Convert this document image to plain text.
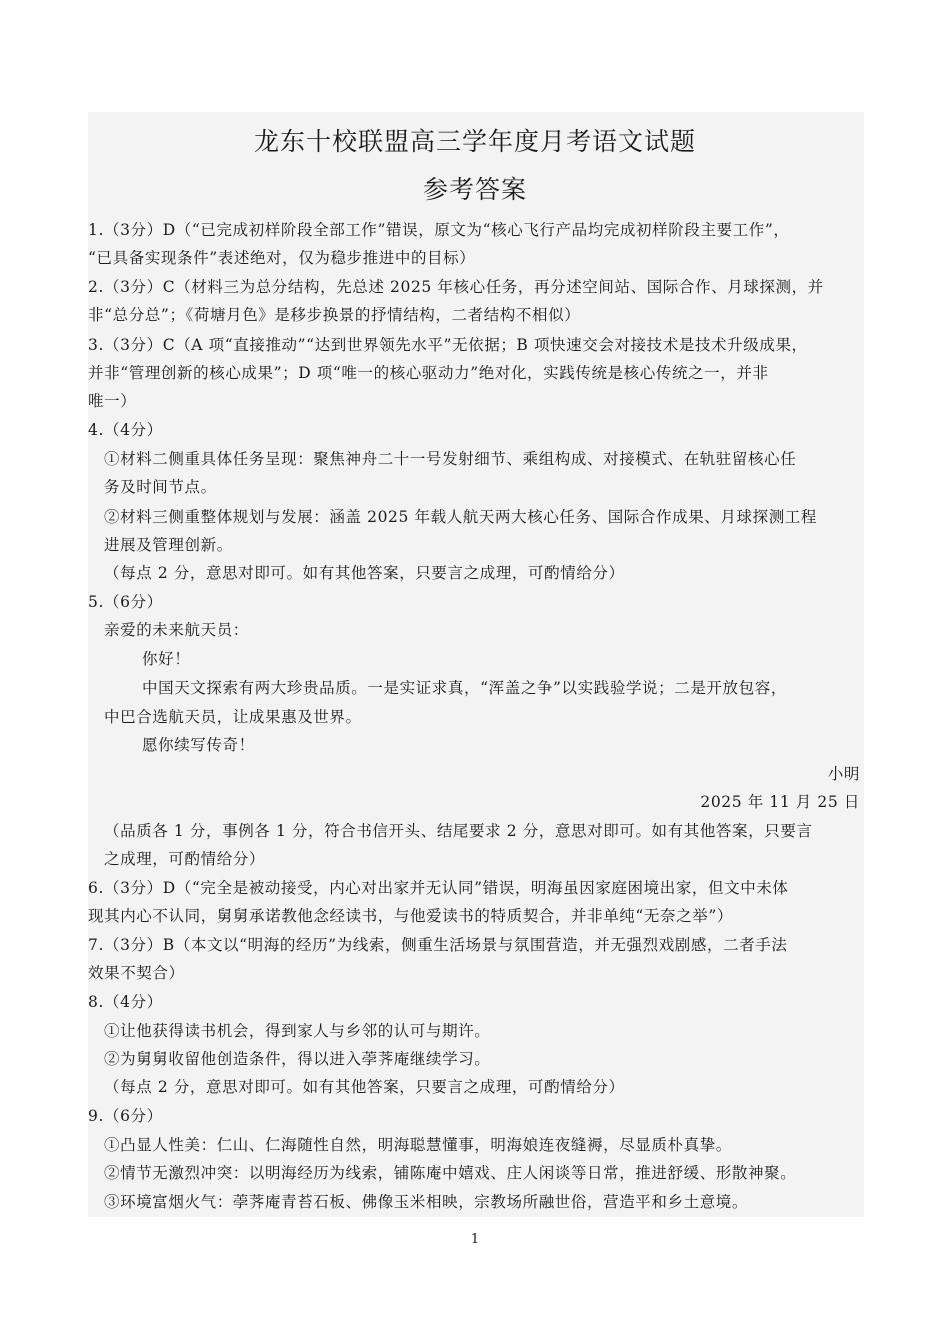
龙东十校联盟高三学年度月考语文试题
参考答案
1.（3分）D（“已完成初样阶段全部工作”错误，原文为“核心飞行产品均完成初样阶段主要工作”，
“已具备实现条件”表述绝对，仅为稳步推进中的目标）
2.（3分）C（材料三为总分结构，先总述 2025 年核心任务，再分述空间站、国际合作、月球探测，并
非“总分总”；《荷塘月色》是移步换景的抒情结构，二者结构不相似）
3.（3分）C（A 项“直接推动”“达到世界领先水平”无依据；B 项快速交会对接技术是技术升级成果，
并非“管理创新的核心成果”；D 项“唯一的核心驱动力”绝对化，实践传统是核心传统之一，并非
唯一）
4.（4分）
①材料二侧重具体任务呈现：聚焦神舟二十一号发射细节、乘组构成、对接模式、在轨驻留核心任
务及时间节点。
②材料三侧重整体规划与发展：涵盖 2025 年载人航天两大核心任务、国际合作成果、月球探测工程
进展及管理创新。
（每点 2 分，意思对即可。如有其他答案，只要言之成理，可酌情给分）
5.（6分）
亲爱的未来航天员：
你好！
中国天文探索有两大珍贵品质。一是实证求真，“浑盖之争”以实践验学说；二是开放包容，
中巴合选航天员，让成果惠及世界。
愿你续写传奇！
小明
2025 年 11 月 25 日
（品质各 1 分，事例各 1 分，符合书信开头、结尾要求 2 分，意思对即可。如有其他答案，只要言
之成理，可酌情给分）
6.（3分）D（“完全是被动接受，内心对出家并无认同”错误，明海虽因家庭困境出家，但文中未体
现其内心不认同，舅舅承诺教他念经读书，与他爱读书的特质契合，并非单纯“无奈之举”）
7.（3分）B（本文以“明海的经历”为线索，侧重生活场景与氛围营造，并无强烈戏剧感，二者手法
效果不契合）
8.（4分）
①让他获得读书机会，得到家人与乡邻的认可与期许。
②为舅舅收留他创造条件，得以进入荸荠庵继续学习。
（每点 2 分，意思对即可。如有其他答案，只要言之成理，可酌情给分）
9.（6分）
①凸显人性美：仁山、仁海随性自然，明海聪慧懂事，明海娘连夜缝褥，尽显质朴真挚。
②情节无激烈冲突：以明海经历为线索，铺陈庵中嬉戏、庄人闲谈等日常，推进舒缓、形散神聚。
③环境富烟火气：荸荠庵青苔石板、佛像玉米相映，宗教场所融世俗，营造平和乡土意境。
1
